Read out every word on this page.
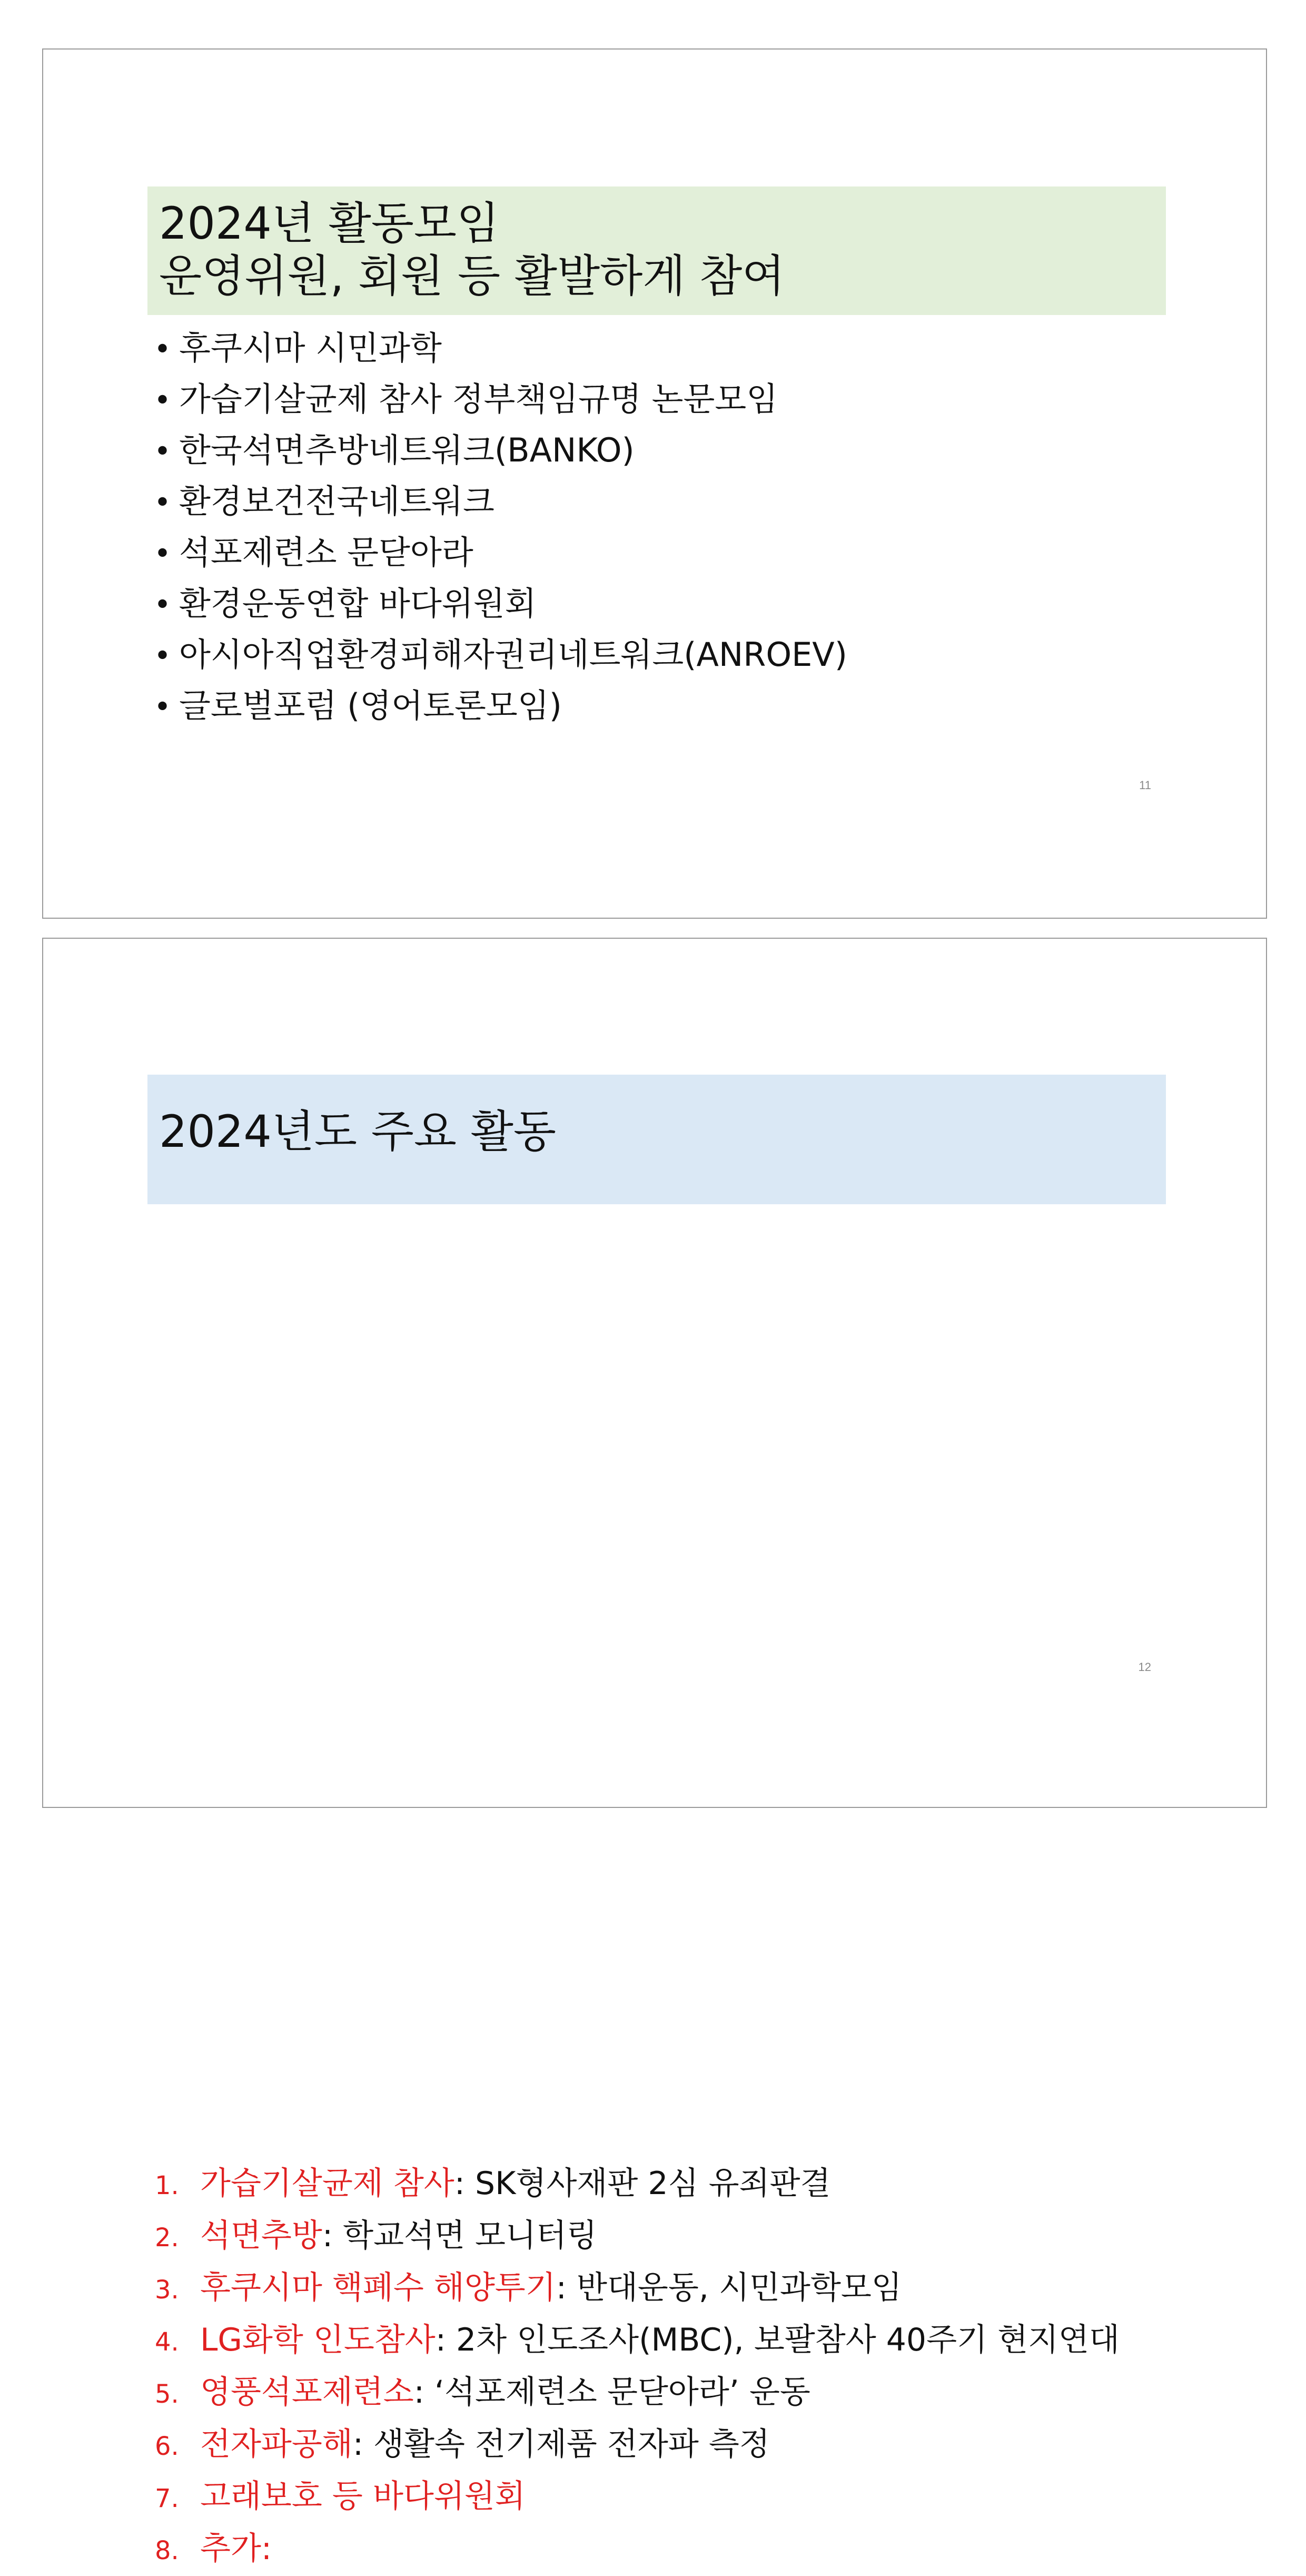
2024년 활동모임
운영위원, 회원 등 활발하게 참여
• 후쿠시마 시민과학
• 가습기살균제 참사 정부책임규명 논문모임
• 한국석면추방네트워크(BANKO)
• 환경보건전국네트워크
• 석포제련소 문닫아라
• 환경운동연합 바다위원회
• 아시아직업환경피해자권리네트워크(ANROEV)
• 글로벌포럼 (영어토론모임)
11
2024년도 주요 활동
1. 가습기살균제 참사 : SK형사재판 2심 유죄판결
2. 석면추방 : 학교석면 모니터링
3. 후쿠시마 핵폐수 해양투기 : 반대운동, 시민과학모임
4. LG화학 인도참사 : 2차 인도조사(MBC), 보팔참사 40주기 현지연대
5. 영풍석포제련소 : ‘석포제련소 문닫아라’ 운동
6. 전자파공해 : 생활속 전기제품 전자파 측정
7. 고래보호 등 바다위원회
8. 추가:
12
